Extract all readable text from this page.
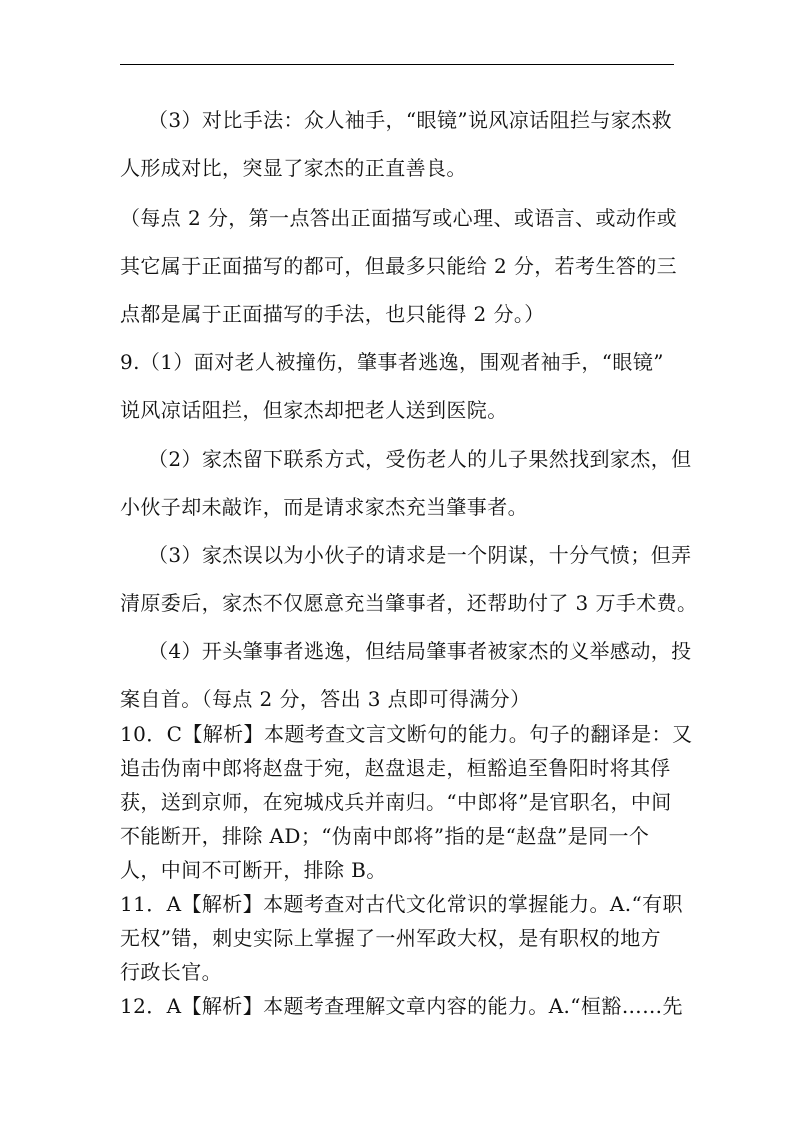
（3）对比手法：众人袖手，“眼镜”说风凉话阻拦与家杰救
人形成对比，突显了家杰的正直善良。
（每点 2 分，第一点答出正面描写或心理、或语言、或动作或
其它属于正面描写的都可，但最多只能给 2 分，若考生答的三
点都是属于正面描写的手法，也只能得 2 分。）
9.（1）面对老人被撞伤，肇事者逃逸，围观者袖手，“眼镜”
说风凉话阻拦，但家杰却把老人送到医院。
（2）家杰留下联系方式，受伤老人的儿子果然找到家杰，但
小伙子却未敲诈，而是请求家杰充当肇事者。
（3）家杰误以为小伙子的请求是一个阴谋，十分气愤；但弄
清原委后，家杰不仅愿意充当肇事者，还帮助付了 3 万手术费。
（4）开头肇事者逃逸，但结局肇事者被家杰的义举感动，投
案自首。（每点 2 分，答出 3 点即可得满分）
10．C【解析】本题考查文言文断句的能力。句子的翻译是：又
追击伪南中郎将赵盘于宛，赵盘退走，桓豁追至鲁阳时将其俘
获，送到京师，在宛城戍兵并南归。“中郎将”是官职名，中间
不能断开，排除 AD；“伪南中郎将”指的是“赵盘”是同一个
人，中间不可断开，排除 B。
11．A【解析】本题考查对古代文化常识的掌握能力。A.“有职
无权”错，刺史实际上掌握了一州军政大权，是有职权的地方
行政长官。
12．A【解析】本题考查理解文章内容的能力。A.“桓豁……先
